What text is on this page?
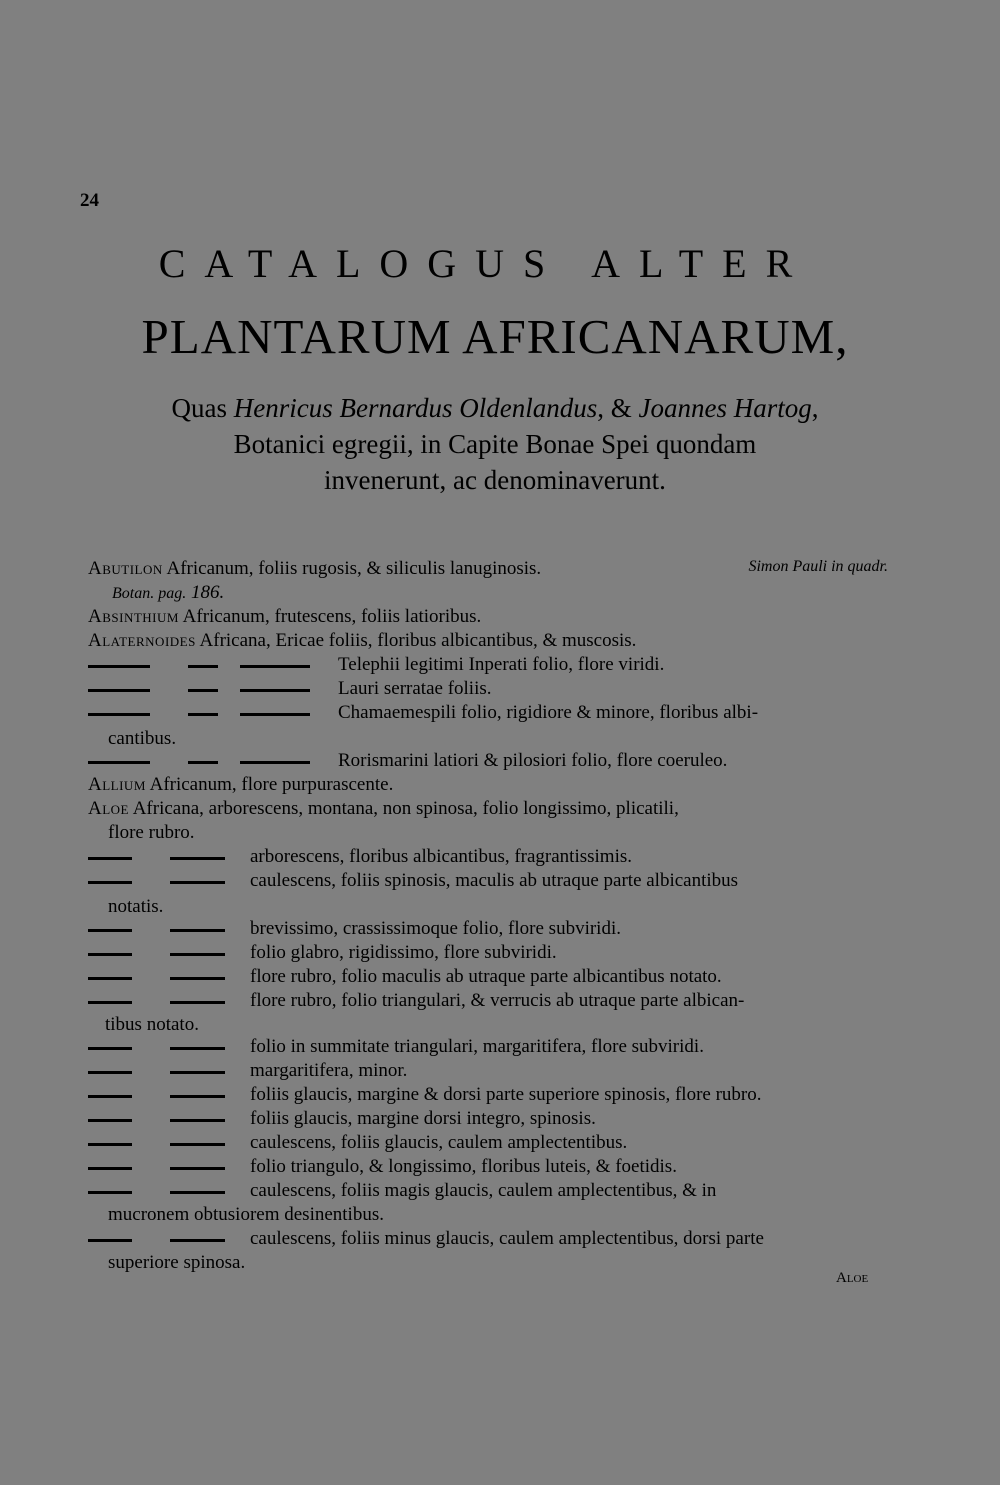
24
CATALOGUS ALTER
PLANTARUM AFRICANARUM,
Quas Henricus Bernardus Oldenlandus, & Joannes Hartog,
Botanici egregii, in Capite Bonae Spei quondam
invenerunt, ac denominaverunt.
Abutilon Africanum, foliis rugosis, & siliculis lanuginosis.	Simon Pauli in quadr.
Botan. pag. 186.
Absinthium Africanum, frutescens, foliis latioribus.
Alaternoides Africana, Ericae foliis, floribus albicantibus, & muscosis.
Telephii legitimi Inperati folio, flore viridi.
Lauri serratae foliis.
Chamaemespili folio, rigidiore & minore, floribus albi-
cantibus.
Rorismarini latiori & pilosiori folio, flore coeruleo.
Allium Africanum, flore purpurascente.
Aloe Africana, arborescens, montana, non spinosa, folio longissimo, plicatili,
flore rubro.
arborescens, floribus albicantibus, fragrantissimis.
caulescens, foliis spinosis, maculis ab utraque parte albicantibus
notatis.
brevissimo, crassissimoque folio, flore subviridi.
folio glabro, rigidissimo, flore subviridi.
flore rubro, folio maculis ab utraque parte albicantibus notato.
flore rubro, folio triangulari, & verrucis ab utraque parte albican-
tibus notato.
folio in summitate triangulari, margaritifera, flore subviridi.
margaritifera, minor.
foliis glaucis, margine & dorsi parte superiore spinosis, flore rubro.
foliis glaucis, margine dorsi integro, spinosis.
caulescens, foliis glaucis, caulem amplectentibus.
folio triangulo, & longissimo, floribus luteis, & foetidis.
caulescens, foliis magis glaucis, caulem amplectentibus, & in
mucronem obtusiorem desinentibus.
caulescens, foliis minus glaucis, caulem amplectentibus, dorsi parte
superiore spinosa.
Aloe
